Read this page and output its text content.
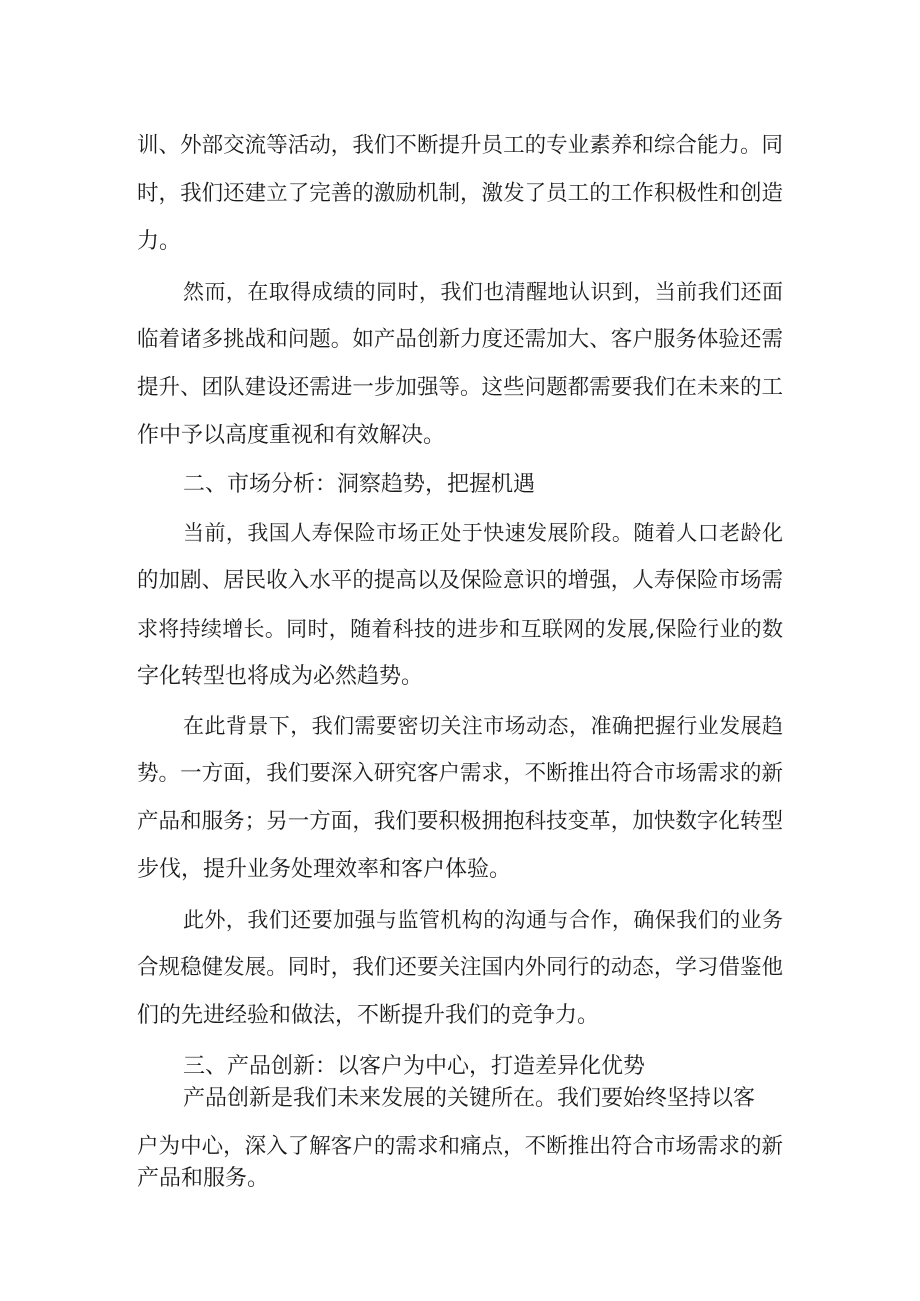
训、外部交流等活动，我们不断提升员工的专业素养和综合能力。同

时，我们还建立了完善的激励机制，激发了员工的工作积极性和创造

力。

然而，在取得成绩的同时，我们也清醒地认识到，当前我们还面

临着诸多挑战和问题。如产品创新力度还需加大、客户服务体验还需

提升、团队建设还需进一步加强等。这些问题都需要我们在未来的工

作中予以高度重视和有效解决。

二、市场分析：洞察趋势，把握机遇

当前，我国人寿保险市场正处于快速发展阶段。随着人口老龄化

的加剧、居民收入水平的提高以及保险意识的增强，人寿保险市场需

求将持续增长。同时，随着科技的进步和互联网的发展,保险行业的数

字化转型也将成为必然趋势。

在此背景下，我们需要密切关注市场动态，准确把握行业发展趋

势。一方面，我们要深入研究客户需求，不断推出符合市场需求的新

产品和服务；另一方面，我们要积极拥抱科技变革，加快数字化转型

步伐，提升业务处理效率和客户体验。

此外，我们还要加强与监管机构的沟通与合作，确保我们的业务

合规稳健发展。同时，我们还要关注国内外同行的动态，学习借鉴他

们的先进经验和做法，不断提升我们的竞争力。

三、产品创新：以客户为中心，打造差异化优势

产品创新是我们未来发展的关键所在。我们要始终坚持以客

户为中心，深入了解客户的需求和痛点，不断推出符合市场需求的新

产品和服务。
